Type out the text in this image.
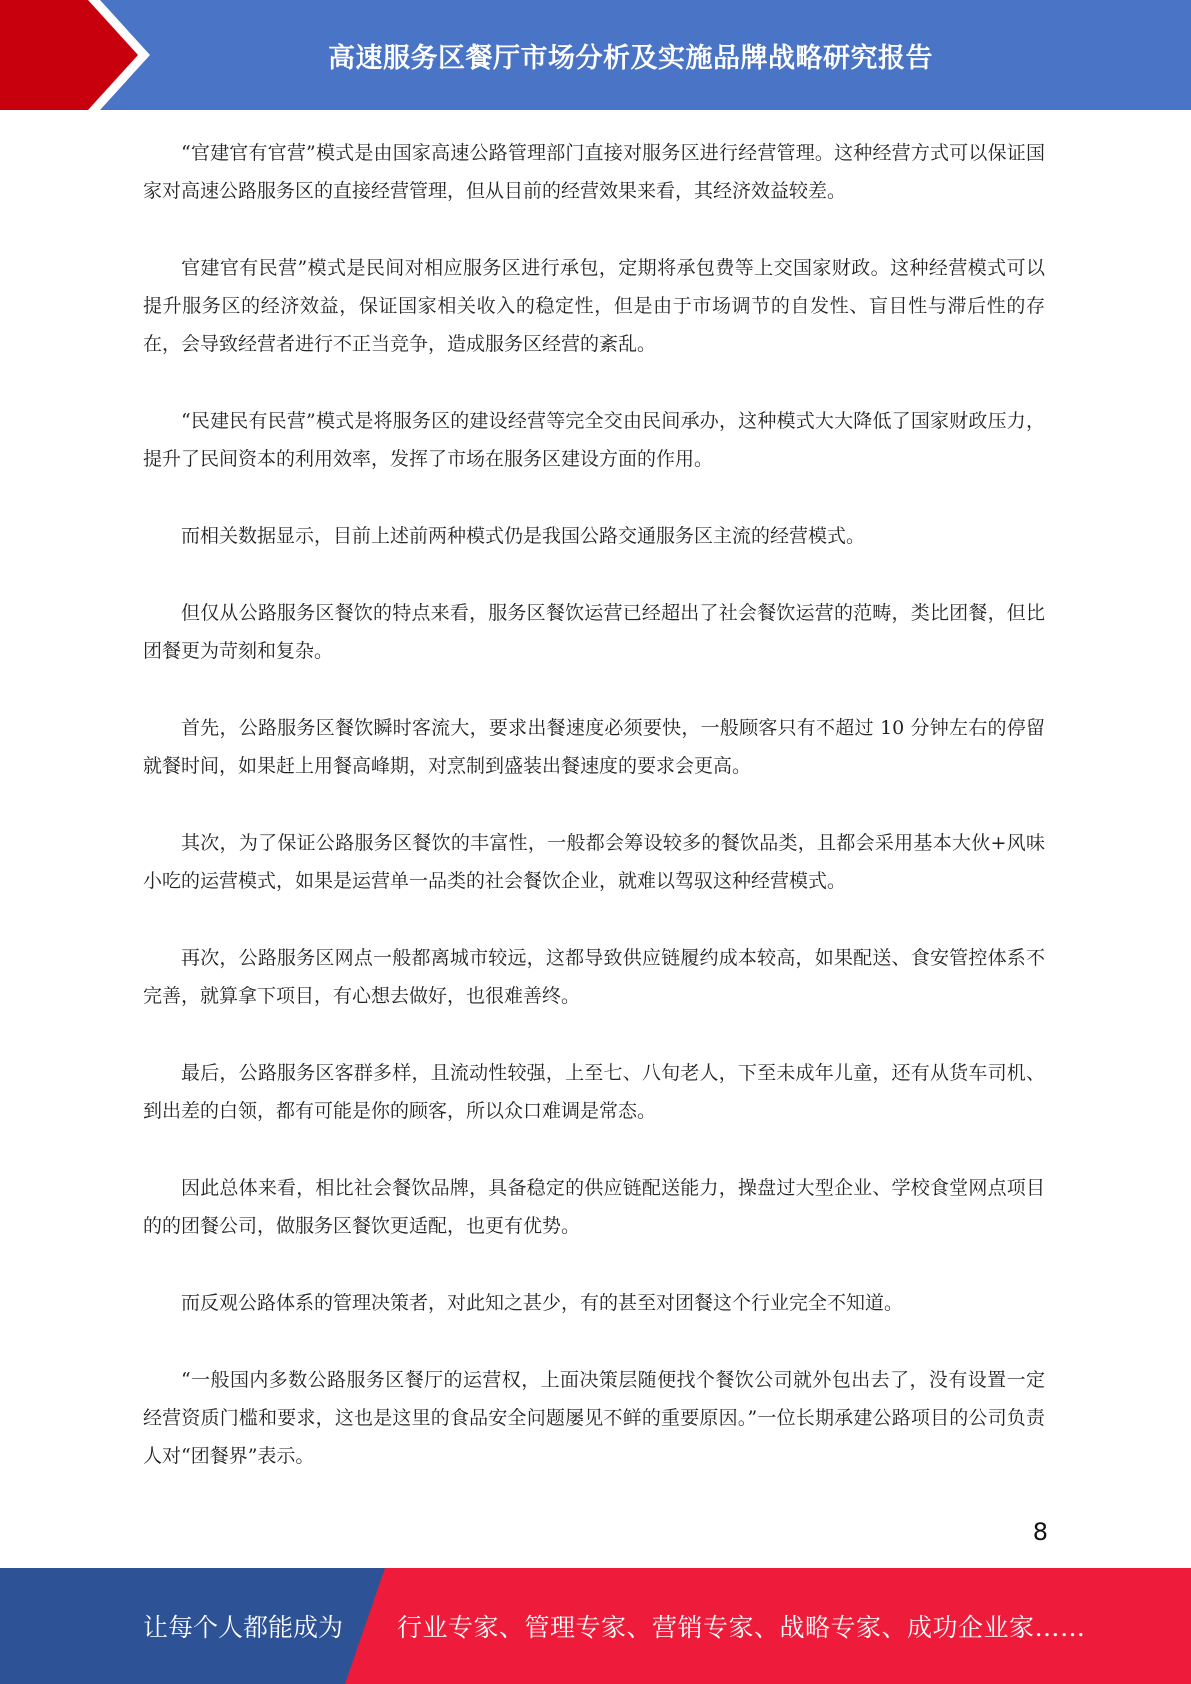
高速服务区餐厅市场分析及实施品牌战略研究报告

“官建官有官营”模式是由国家高速公路管理部门直接对服务区进行经营管理。这种经营方式可以保证国家对高速公路服务区的直接经营管理，但从目前的经营效果来看，其经济效益较差。

官建官有民营”模式是民间对相应服务区进行承包，定期将承包费等上交国家财政。这种经营模式可以提升服务区的经济效益，保证国家相关收入的稳定性，但是由于市场调节的自发性、盲目性与滞后性的存在，会导致经营者进行不正当竞争，造成服务区经营的紊乱。

“民建民有民营”模式是将服务区的建设经营等完全交由民间承办，这种模式大大降低了国家财政压力，提升了民间资本的利用效率，发挥了市场在服务区建设方面的作用。

而相关数据显示，目前上述前两种模式仍是我国公路交通服务区主流的经营模式。

但仅从公路服务区餐饮的特点来看，服务区餐饮运营已经超出了社会餐饮运营的范畴，类比团餐，但比团餐更为苛刻和复杂。

首先，公路服务区餐饮瞬时客流大，要求出餐速度必须要快，一般顾客只有不超过 10 分钟左右的停留就餐时间，如果赶上用餐高峰期，对烹制到盛装出餐速度的要求会更高。

其次，为了保证公路服务区餐饮的丰富性，一般都会筹设较多的餐饮品类，且都会采用基本大伙+风味小吃的运营模式，如果是运营单一品类的社会餐饮企业，就难以驾驭这种经营模式。

再次，公路服务区网点一般都离城市较远，这都导致供应链履约成本较高，如果配送、食安管控体系不完善，就算拿下项目，有心想去做好，也很难善终。

最后，公路服务区客群多样，且流动性较强，上至七、八旬老人，下至未成年儿童，还有从货车司机、到出差的白领，都有可能是你的顾客，所以众口难调是常态。

因此总体来看，相比社会餐饮品牌，具备稳定的供应链配送能力，操盘过大型企业、学校食堂网点项目的的团餐公司，做服务区餐饮更适配，也更有优势。

而反观公路体系的管理决策者，对此知之甚少，有的甚至对团餐这个行业完全不知道。

“一般国内多数公路服务区餐厅的运营权，上面决策层随便找个餐饮公司就外包出去了，没有设置一定经营资质门槛和要求，这也是这里的食品安全问题屡见不鲜的重要原因。”一位长期承建公路项目的公司负责人对“团餐界”表示。

8
让每个人都能成为 行业专家、管理专家、营销专家、战略专家、成功企业家……
